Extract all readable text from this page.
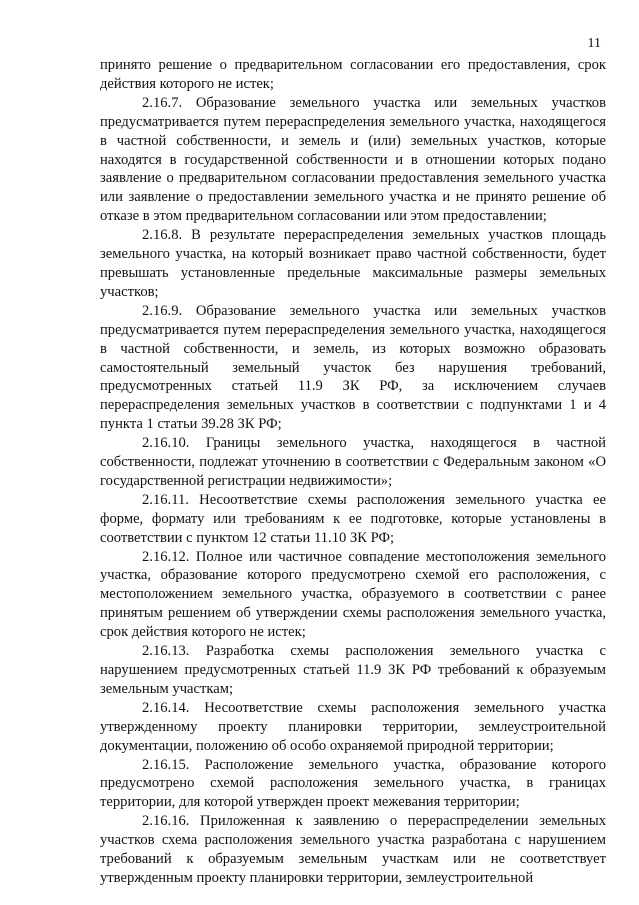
11

принято решение о предварительном согласовании его предоставления, срок действия которого не истек;

2.16.7. Образование земельного участка или земельных участков предусматривается путем перераспределения земельного участка, находящегося в частной собственности, и земель и (или) земельных участков, которые находятся в государственной собственности и в отношении которых подано заявление о предварительном согласовании предоставления земельного участка или заявление о предоставлении земельного участка и не принято решение об отказе в этом предварительном согласовании или этом предоставлении;

2.16.8. В результате перераспределения земельных участков площадь земельного участка, на который возникает право частной собственности, будет превышать установленные предельные максимальные размеры земельных участков;

2.16.9. Образование земельного участка или земельных участков предусматривается путем перераспределения земельного участка, находящегося в частной собственности, и земель, из которых возможно образовать самостоятельный земельный участок без нарушения требований, предусмотренных статьей 11.9 ЗК РФ, за исключением случаев перераспределения земельных участков в соответствии с подпунктами 1 и 4 пункта 1 статьи 39.28 ЗК РФ;

2.16.10. Границы земельного участка, находящегося в частной собственности, подлежат уточнению в соответствии с Федеральным законом «О государственной регистрации недвижимости»;

2.16.11. Несоответствие схемы расположения земельного участка ее форме, формату или требованиям к ее подготовке, которые установлены в соответствии с пунктом 12 статьи 11.10 ЗК РФ;

2.16.12. Полное или частичное совпадение местоположения земельного участка, образование которого предусмотрено схемой его расположения, с местоположением земельного участка, образуемого в соответствии с ранее принятым решением об утверждении схемы расположения земельного участка, срок действия которого не истек;

2.16.13. Разработка схемы расположения земельного участка с нарушением предусмотренных статьей 11.9 ЗК РФ требований к образуемым земельным участкам;

2.16.14. Несоответствие схемы расположения земельного участка утвержденному проекту планировки территории, землеустроительной документации, положению об особо охраняемой природной территории;

2.16.15. Расположение земельного участка, образование которого предусмотрено схемой расположения земельного участка, в границах территории, для которой утвержден проект межевания территории;

2.16.16. Приложенная к заявлению о перераспределении земельных участков схема расположения земельного участка разработана с нарушением требований к образуемым земельным участкам или не соответствует утвержденным проекту планировки территории, землеустроительной
